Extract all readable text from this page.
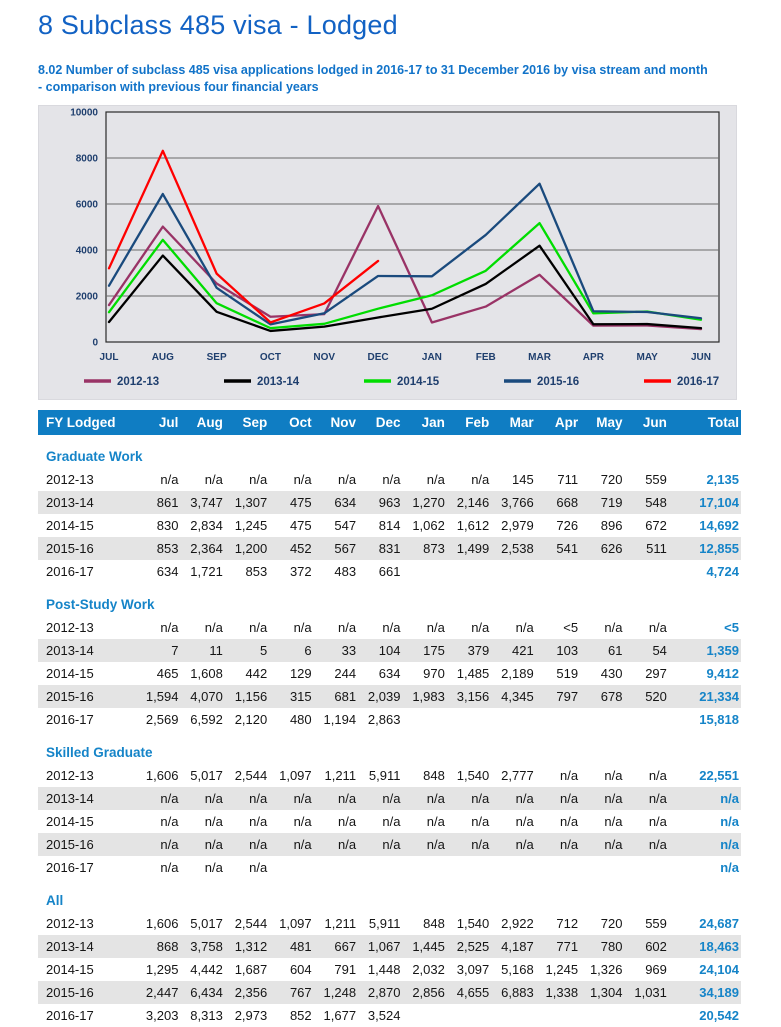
8 Subclass 485 visa - Lodged

8.02 Number of subclass 485 visa applications lodged in 2016-17 to 31 December 2016 by visa stream and month - comparison with previous four financial years

0
2000
4000
6000
8000
10000
JUL	AUG	SEP	OCT	NOV	DEC	JAN	FEB	MAR	APR	MAY	JUN
2012-13	2013-14	2014-15	2015-16	2016-17
FY Lodged	Jul	Aug	Sep	Oct	Nov	Dec	Jan	Feb	Mar	Apr	May	Jun	Total
Graduate Work													
2012-13	n/a	n/a	n/a	n/a	n/a	n/a	n/a	n/a	145	711	720	559	2,135
2013-14	861	3,747	1,307	475	634	963	1,270	2,146	3,766	668	719	548	17,104
2014-15	830	2,834	1,245	475	547	814	1,062	1,612	2,979	726	896	672	14,692
2015-16	853	2,364	1,200	452	567	831	873	1,499	2,538	541	626	511	12,855
2016-17	634	1,721	853	372	483	661							4,724
Post-Study Work													
2012-13	n/a	n/a	n/a	n/a	n/a	n/a	n/a	n/a	n/a	<5	n/a	n/a	<5
2013-14	7	11	5	6	33	104	175	379	421	103	61	54	1,359
2014-15	465	1,608	442	129	244	634	970	1,485	2,189	519	430	297	9,412
2015-16	1,594	4,070	1,156	315	681	2,039	1,983	3,156	4,345	797	678	520	21,334
2016-17	2,569	6,592	2,120	480	1,194	2,863							15,818
Skilled Graduate													
2012-13	1,606	5,017	2,544	1,097	1,211	5,911	848	1,540	2,777	n/a	n/a	n/a	22,551
2013-14	n/a	n/a	n/a	n/a	n/a	n/a	n/a	n/a	n/a	n/a	n/a	n/a	n/a
2014-15	n/a	n/a	n/a	n/a	n/a	n/a	n/a	n/a	n/a	n/a	n/a	n/a	n/a
2015-16	n/a	n/a	n/a	n/a	n/a	n/a	n/a	n/a	n/a	n/a	n/a	n/a	n/a
2016-17	n/a	n/a	n/a										n/a
All													
2012-13	1,606	5,017	2,544	1,097	1,211	5,911	848	1,540	2,922	712	720	559	24,687
2013-14	868	3,758	1,312	481	667	1,067	1,445	2,525	4,187	771	780	602	18,463
2014-15	1,295	4,442	1,687	604	791	1,448	2,032	3,097	5,168	1,245	1,326	969	24,104
2015-16	2,447	6,434	2,356	767	1,248	2,870	2,856	4,655	6,883	1,338	1,304	1,031	34,189
2016-17	3,203	8,313	2,973	852	1,677	3,524							20,542
